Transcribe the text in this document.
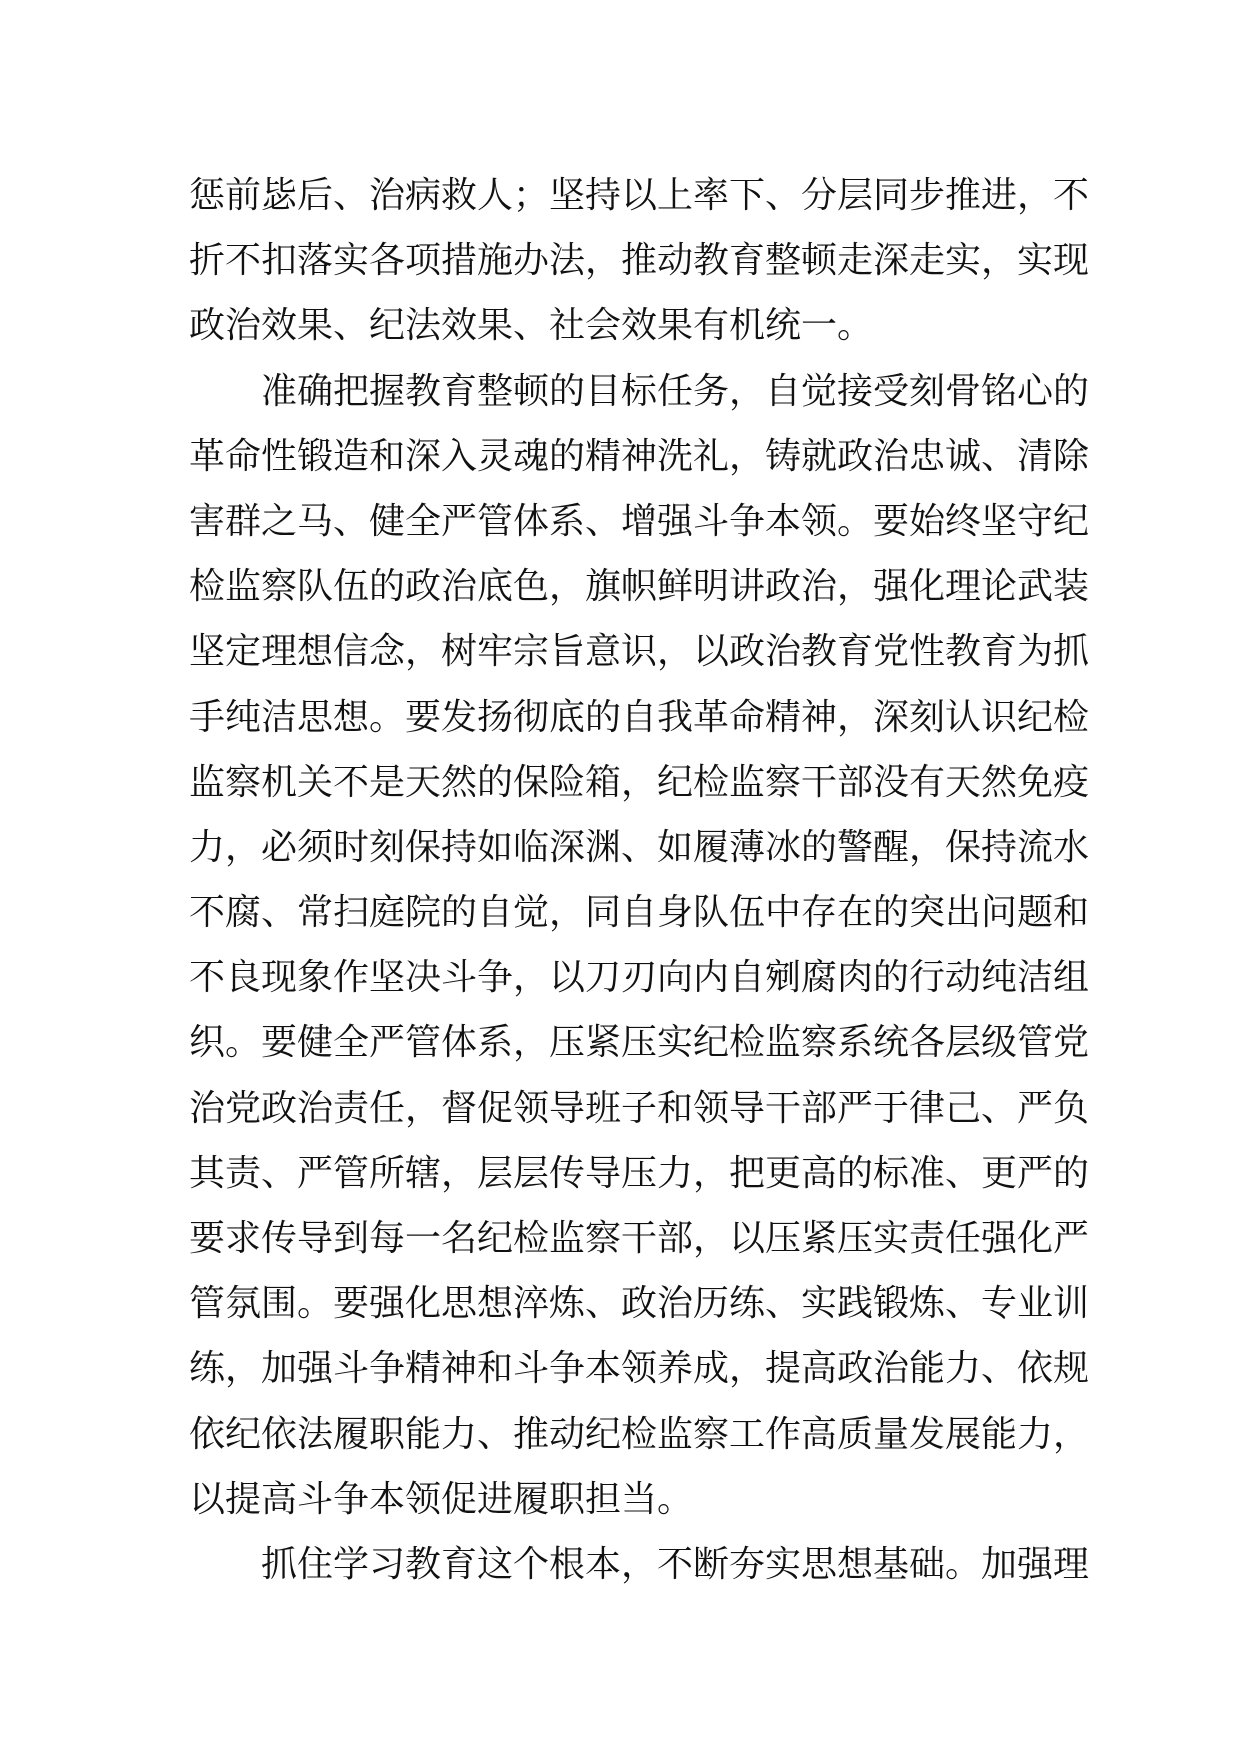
惩前毖后、治病救人；坚持以上率下、分层同步推进，不
折不扣落实各项措施办法，推动教育整顿走深走实，实现
政治效果、纪法效果、社会效果有机统一。
准确把握教育整顿的目标任务，自觉接受刻骨铭心的
革命性锻造和深入灵魂的精神洗礼，铸就政治忠诚、清除
害群之马、健全严管体系、增强斗争本领。要始终坚守纪
检监察队伍的政治底色，旗帜鲜明讲政治，强化理论武装
坚定理想信念，树牢宗旨意识，以政治教育党性教育为抓
手纯洁思想。要发扬彻底的自我革命精神，深刻认识纪检
监察机关不是天然的保险箱，纪检监察干部没有天然免疫
力，必须时刻保持如临深渊、如履薄冰的警醒，保持流水
不腐、常扫庭院的自觉，同自身队伍中存在的突出问题和
不良现象作坚决斗争，以刀刃向内自剜腐肉的行动纯洁组
织。要健全严管体系，压紧压实纪检监察系统各层级管党
治党政治责任，督促领导班子和领导干部严于律己、严负
其责、严管所辖，层层传导压力，把更高的标准、更严的
要求传导到每一名纪检监察干部，以压紧压实责任强化严
管氛围。要强化思想淬炼、政治历练、实践锻炼、专业训
练，加强斗争精神和斗争本领养成，提高政治能力、依规
依纪依法履职能力、推动纪检监察工作高质量发展能力，
以提高斗争本领促进履职担当。
抓住学习教育这个根本，不断夯实思想基础。加强理
